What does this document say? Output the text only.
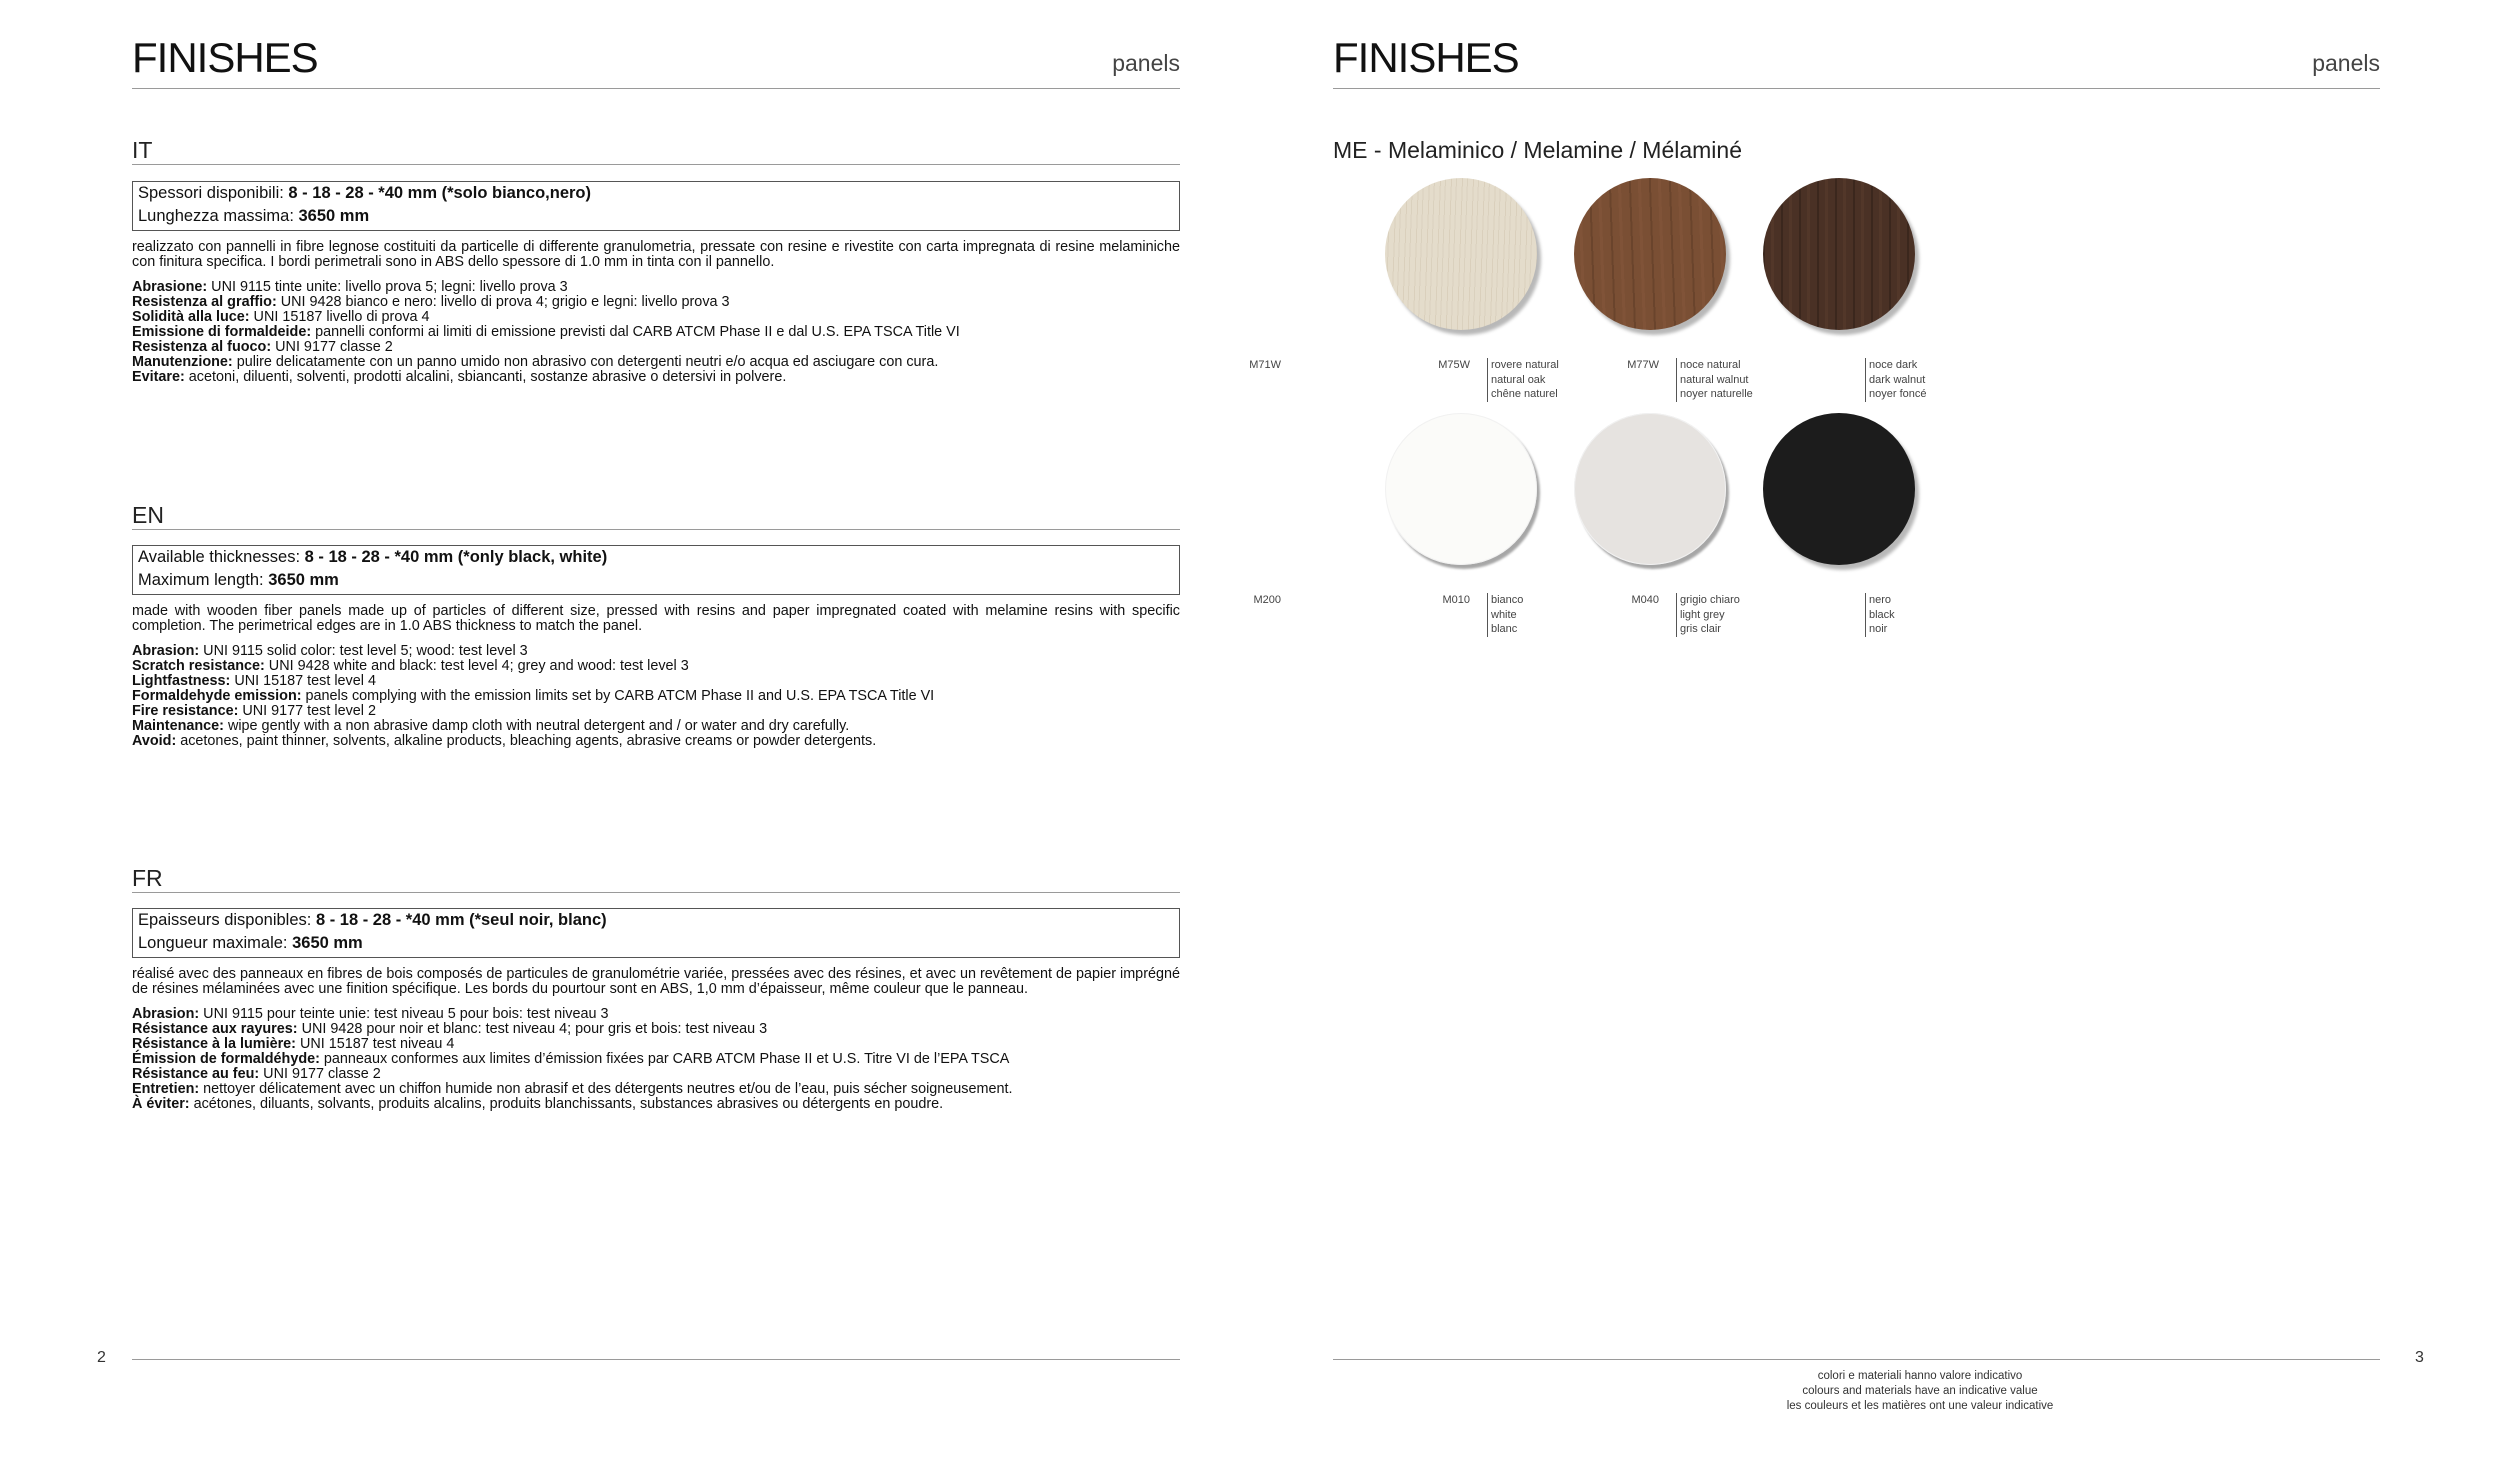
FINISHES	panels
IT
Spessori disponibili: 8 - 18 - 28 - *40 mm (*solo bianco,nero)
Lunghezza massima: 3650 mm
realizzato con pannelli in fibre legnose costituiti da particelle di differente granulometria, pressate con resine e rivestite con carta impregnata di resine melaminiche con finitura specifica. I bordi perimetrali sono in ABS dello spessore di 1.0 mm in tinta con il pannello.
Abrasione: UNI 9115 tinte unite: livello prova 5; legni: livello prova 3
Resistenza al graffio: UNI 9428 bianco e nero: livello di prova 4; grigio e legni: livello prova 3
Solidità alla luce: UNI 15187 livello di prova 4
Emissione di formaldeide: pannelli conformi ai limiti di emissione previsti dal CARB ATCM Phase II e dal U.S. EPA TSCA Title VI
Resistenza al fuoco: UNI 9177 classe 2
Manutenzione: pulire delicatamente con un panno umido non abrasivo con detergenti neutri e/o acqua ed asciugare con cura.
Evitare: acetoni, diluenti, solventi, prodotti alcalini, sbiancanti, sostanze abrasive o detersivi in polvere.
EN
Available thicknesses: 8 - 18 - 28 - *40 mm (*only black, white)
Maximum length: 3650 mm
made with wooden fiber panels made up of particles of different size, pressed with resins and paper impregnated coated with melamine resins with specific completion. The perimetrical edges are in 1.0 ABS thickness to match the panel.
Abrasion: UNI 9115 solid color: test level 5; wood: test level 3
Scratch resistance: UNI 9428 white and black: test level 4; grey and wood: test level 3
Lightfastness: UNI 15187 test level 4
Formaldehyde emission: panels complying with the emission limits set by CARB ATCM Phase II and U.S. EPA TSCA Title VI
Fire resistance: UNI 9177 test level 2
Maintenance: wipe gently with a non abrasive damp cloth with neutral detergent and / or water and dry carefully.
Avoid: acetones, paint thinner, solvents, alkaline products, bleaching agents, abrasive creams or powder detergents.
FR
Epaisseurs disponibles: 8 - 18 - 28 - *40 mm (*seul noir, blanc)
Longueur maximale: 3650 mm
réalisé avec des panneaux en fibres de bois composés de particules de granulométrie variée, pressées avec des résines, et avec un revêtement de papier imprégné de résines mélaminées avec une finition spécifique. Les bords du pourtour sont en ABS, 1,0 mm d’épaisseur, même couleur que le panneau.
Abrasion: UNI 9115 pour teinte unie: test niveau 5 pour bois: test niveau 3
Résistance aux rayures: UNI 9428 pour noir et blanc: test niveau 4; pour gris et bois: test niveau 3
Résistance à la lumière: UNI 15187 test niveau 4
Émission de formaldéhyde: panneaux conformes aux limites d’émission fixées par CARB ATCM Phase II et U.S. Titre VI de l’EPA TSCA
Résistance au feu: UNI 9177 classe 2
Entretien: nettoyer délicatement avec un chiffon humide non abrasif et des détergents neutres et/ou de l’eau, puis sécher soigneusement.
À éviter: acétones, diluants, solvants, produits alcalins, produits blanchissants, substances abrasives ou détergents en poudre.
2
FINISHES	panels
ME - Melaminico / Melamine / Mélaminé
M71W	rovere natural
natural oak
chêne naturel
M75W	noce natural
natural walnut
noyer naturelle
M77W	noce dark
dark walnut
noyer foncé
M200	bianco
white
blanc
M010	grigio chiaro
light grey
gris clair
M040	nero
black
noir
3
colori e materiali hanno valore indicativo
colours and materials have an indicative value
les couleurs et les matières ont une valeur indicative
